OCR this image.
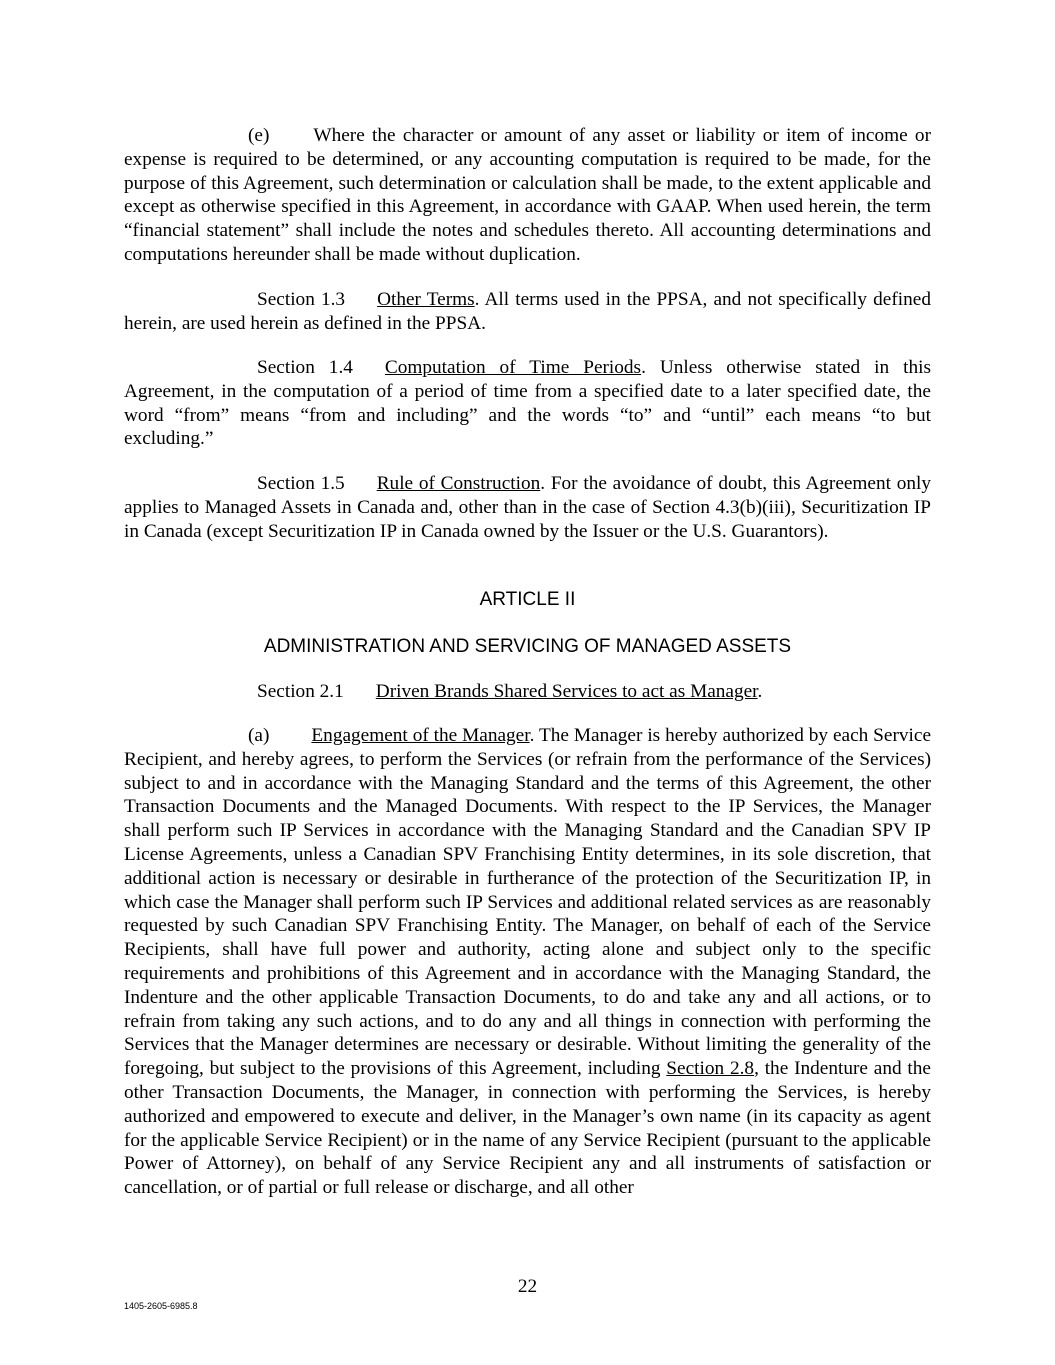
(e) Where the character or amount of any asset or liability or item of income or expense is required to be determined, or any accounting computation is required to be made, for the purpose of this Agreement, such determination or calculation shall be made, to the extent applicable and except as otherwise specified in this Agreement, in accordance with GAAP. When used herein, the term “financial statement” shall include the notes and schedules thereto. All accounting determinations and computations hereunder shall be made without duplication.

Section 1.3 Other Terms. All terms used in the PPSA, and not specifically defined herein, are used herein as defined in the PPSA.

Section 1.4 Computation of Time Periods. Unless otherwise stated in this Agreement, in the computation of a period of time from a specified date to a later specified date, the word “from” means “from and including” and the words “to” and “until” each means “to but excluding.”

Section 1.5 Rule of Construction. For the avoidance of doubt, this Agreement only applies to Managed Assets in Canada and, other than in the case of Section 4.3(b)(iii), Securitization IP in Canada (except Securitization IP in Canada owned by the Issuer or the U.S. Guarantors).

ARTICLE II

ADMINISTRATION AND SERVICING OF MANAGED ASSETS

Section 2.1 Driven Brands Shared Services to act as Manager.

(a) Engagement of the Manager. The Manager is hereby authorized by each Service Recipient, and hereby agrees, to perform the Services (or refrain from the performance of the Services) subject to and in accordance with the Managing Standard and the terms of this Agreement, the other Transaction Documents and the Managed Documents. With respect to the IP Services, the Manager shall perform such IP Services in accordance with the Managing Standard and the Canadian SPV IP License Agreements, unless a Canadian SPV Franchising Entity determines, in its sole discretion, that additional action is necessary or desirable in furtherance of the protection of the Securitization IP, in which case the Manager shall perform such IP Services and additional related services as are reasonably requested by such Canadian SPV Franchising Entity. The Manager, on behalf of each of the Service Recipients, shall have full power and authority, acting alone and subject only to the specific requirements and prohibitions of this Agreement and in accordance with the Managing Standard, the Indenture and the other applicable Transaction Documents, to do and take any and all actions, or to refrain from taking any such actions, and to do any and all things in connection with performing the Services that the Manager determines are necessary or desirable. Without limiting the generality of the foregoing, but subject to the provisions of this Agreement, including Section 2.8, the Indenture and the other Transaction Documents, the Manager, in connection with performing the Services, is hereby authorized and empowered to execute and deliver, in the Manager’s own name (in its capacity as agent for the applicable Service Recipient) or in the name of any Service Recipient (pursuant to the applicable Power of Attorney), on behalf of any Service Recipient any and all instruments of satisfaction or cancellation, or of partial or full release or discharge, and all other

22
1405-2605-6985.8
